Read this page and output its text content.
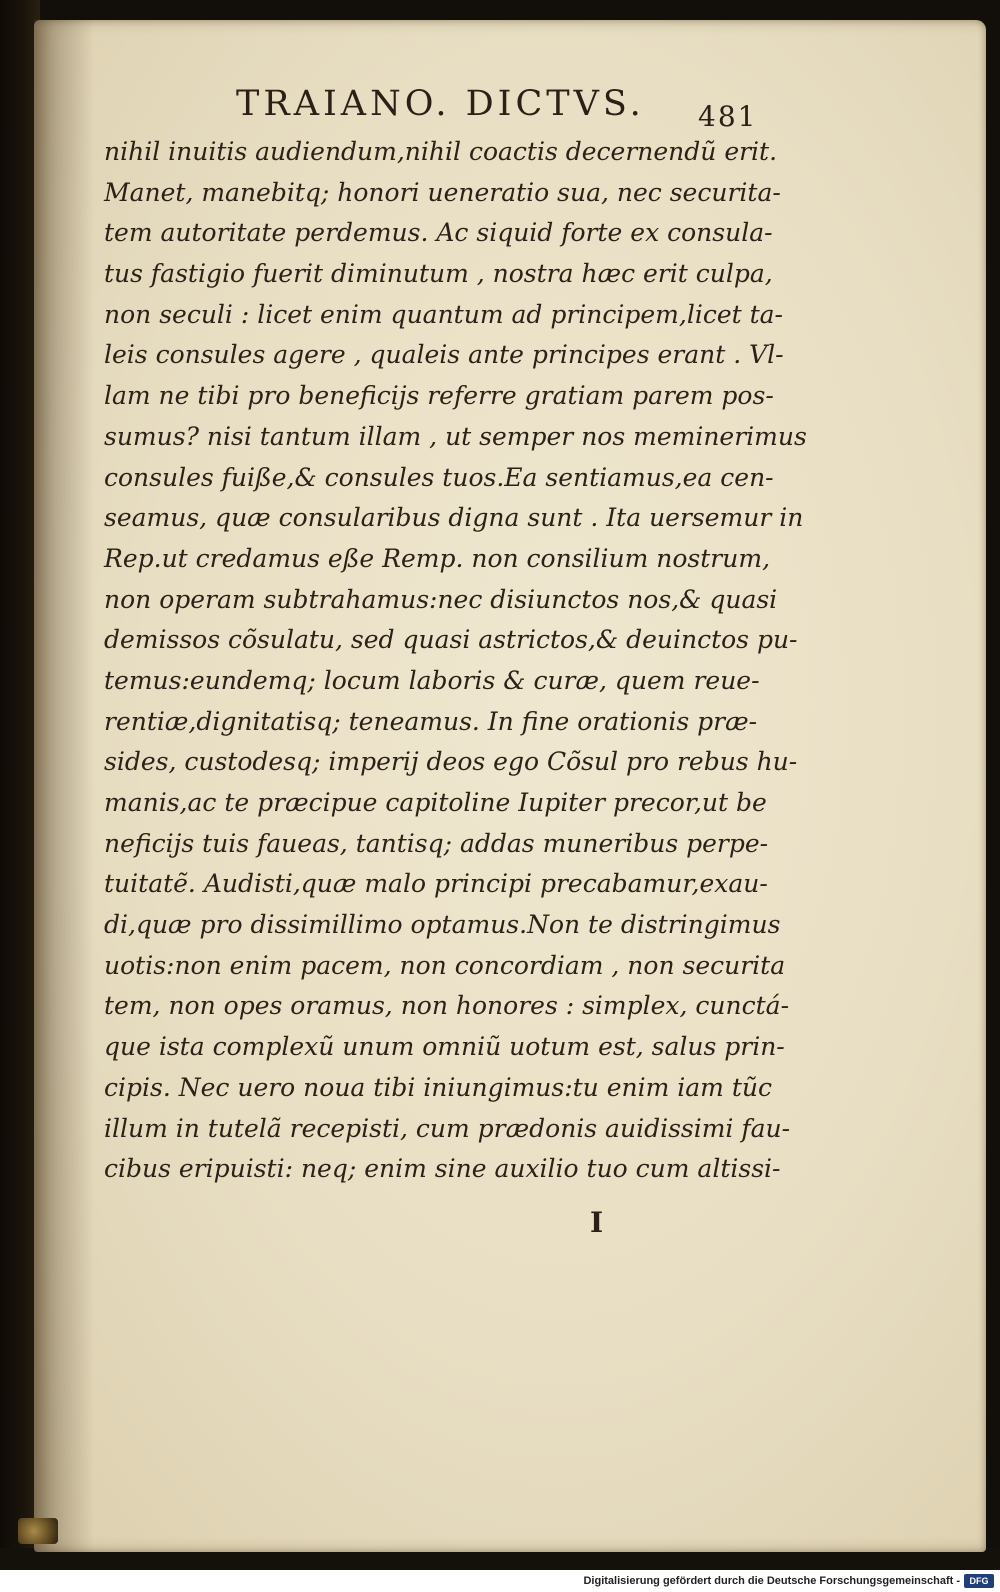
TRAIANO. DICTVS. 481
nihil inuitis audiendum,nihil coactis decernendũ erit.
Manet, manebitq; honori ueneratio sua, nec securita-
tem autoritate perdemus. Ac siquid forte ex consula-
tus fastigio fuerit diminutum , nostra hæc erit culpa,
non seculi : licet enim quantum ad principem,licet ta-
leis consules agere , qualeis ante principes erant . Vl-
lam ne tibi pro beneficijs referre gratiam parem pos-
sumus? nisi tantum illam , ut semper nos meminerimus
consules fuiße,& consules tuos.Ea sentiamus,ea cen-
seamus, quæ consularibus digna sunt . Ita uersemur in
Rep.ut credamus eße Remp. non consilium nostrum,
non operam subtrahamus:nec disiunctos nos,& quasi
demissos cõsulatu, sed quasi astrictos,& deuinctos pu-
temus:eundemq; locum laboris & curæ, quem reue-
rentiæ,dignitatisq; teneamus. In fine orationis præ-
sides, custodesq; imperij deos ego Cõsul pro rebus hu-
manis,ac te præcipue capitoline Iupiter precor,ut be
neficijs tuis faueas, tantisq; addas muneribus perpe-
tuitatẽ. Audisti,quæ malo principi precabamur,exau-
di,quæ pro dissimillimo optamus.Non te distringimus
uotis:non enim pacem, non concordiam , non securita
tem, non opes oramus, non honores : simplex, cunctá-
que ista complexũ unum omniũ uotum est, salus prin-
cipis. Nec uero noua tibi iniungimus:tu enim iam tũc
illum in tutelã recepisti, cum prædonis auidissimi fau-
cibus eripuisti: neq; enim sine auxilio tuo cum altissi-
I
Digitalisierung gefördert durch die Deutsche Forschungsgemeinschaft -	DFG
